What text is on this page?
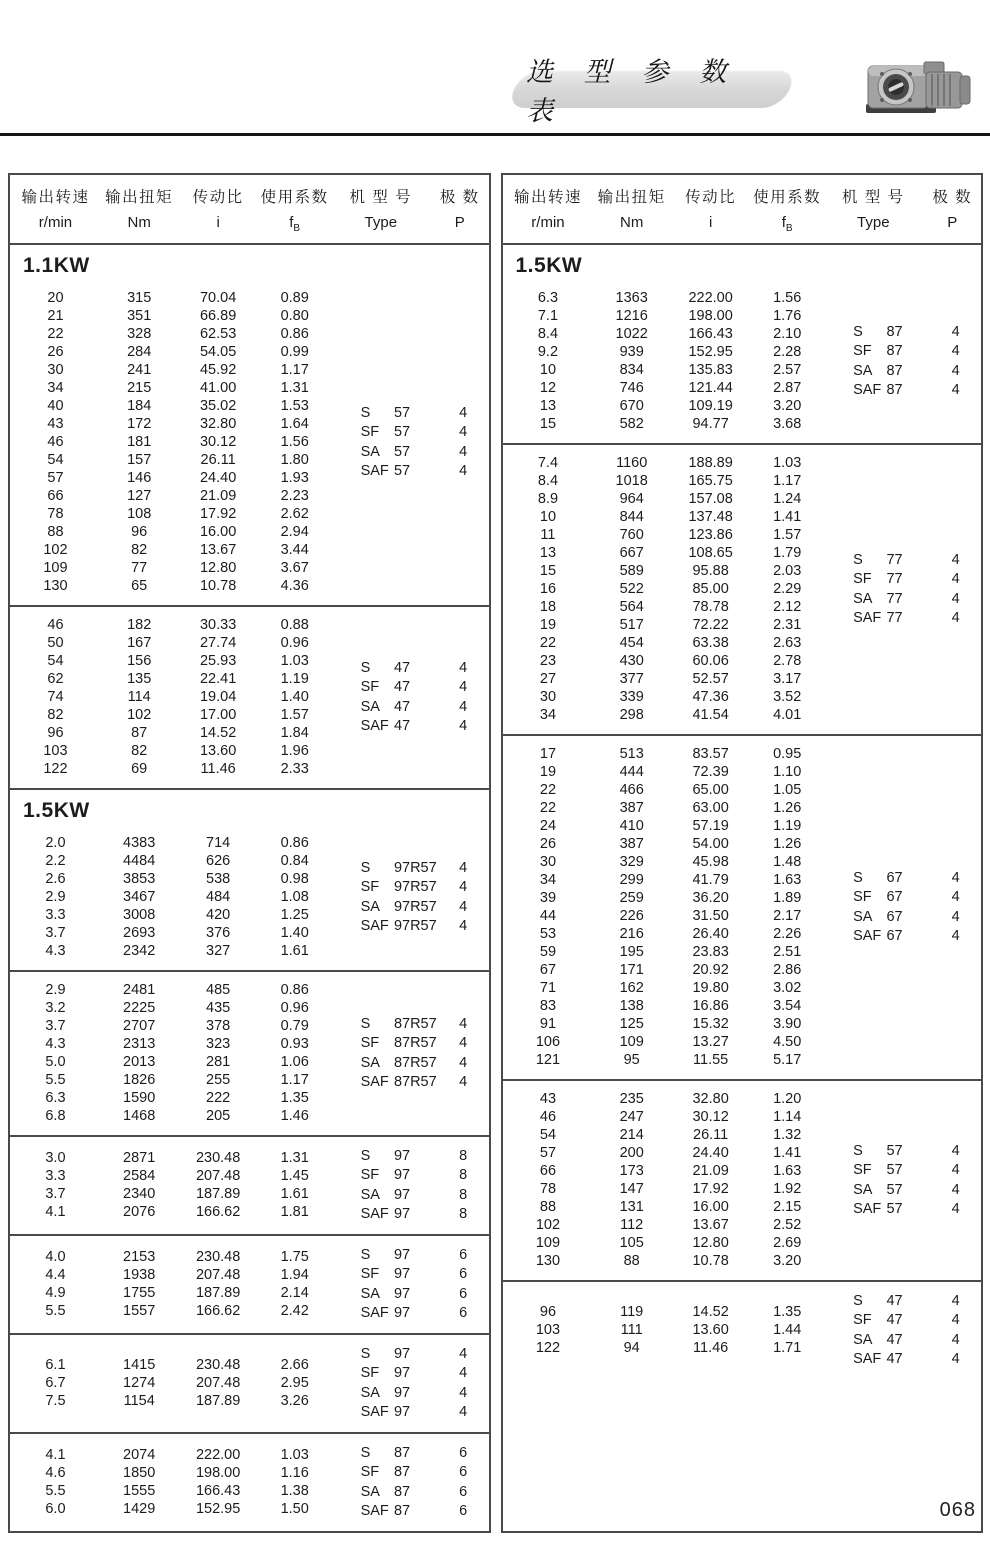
选 型 参 数 表
输出转速
r/min
输出扭矩
Nm
传动比
i
使用系数
$f_B$
机 型 号
Type
极 数
P
1.1KW
20	315	70.04	0.89
21	351	66.89	0.80
22	328	62.53	0.86
26	284	54.05	0.99
30	241	45.92	1.17
34	215	41.00	1.31
40	184	35.02	1.53
43	172	32.80	1.64
46	181	30.12	1.56
54	157	26.11	1.80
57	146	24.40	1.93
66	127	21.09	2.23
78	108	17.92	2.62
88	96	16.00	2.94
102	82	13.67	3.44
109	77	12.80	3.67
130	65	10.78	4.36
S 57	4
SF 57	4
SA 57	4
SAF 57	4
46	182	30.33	0.88
50	167	27.74	0.96
54	156	25.93	1.03
62	135	22.41	1.19
74	114	19.04	1.40
82	102	17.00	1.57
96	87	14.52	1.84
103	82	13.60	1.96
122	69	11.46	2.33
S 47	4
SF 47	4
SA 47	4
SAF 47	4
1.5KW
2.0	4383	714	0.86
2.2	4484	626	0.84
2.6	3853	538	0.98
2.9	3467	484	1.08
3.3	3008	420	1.25
3.7	2693	376	1.40
4.3	2342	327	1.61
S 97R57	4
SF 97R57	4
SA 97R57	4
SAF 97R57	4
2.9	2481	485	0.86
3.2	2225	435	0.96
3.7	2707	378	0.79
4.3	2313	323	0.93
5.0	2013	281	1.06
5.5	1826	255	1.17
6.3	1590	222	1.35
6.8	1468	205	1.46
S 87R57	4
SF 87R57	4
SA 87R57	4
SAF 87R57	4
3.0	2871	230.48	1.31
3.3	2584	207.48	1.45
3.7	2340	187.89	1.61
4.1	2076	166.62	1.81
S 97	8
SF 97	8
SA 97	8
SAF 97	8
4.0	2153	230.48	1.75
4.4	1938	207.48	1.94
4.9	1755	187.89	2.14
5.5	1557	166.62	2.42
S 97	6
SF 97	6
SA 97	6
SAF 97	6
6.1	1415	230.48	2.66
6.7	1274	207.48	2.95
7.5	1154	187.89	3.26
S 97	4
SF 97	4
SA 97	4
SAF 97	4
4.1	2074	222.00	1.03
4.6	1850	198.00	1.16
5.5	1555	166.43	1.38
6.0	1429	152.95	1.50
S 87	6
SF 87	6
SA 87	6
SAF 87	6
输出转速
r/min
输出扭矩
Nm
传动比
i
使用系数
$f_B$
机 型 号
Type
极 数
P
1.5KW
6.3	1363	222.00	1.56
7.1	1216	198.00	1.76
8.4	1022	166.43	2.10
9.2	939	152.95	2.28
10	834	135.83	2.57
12	746	121.44	2.87
13	670	109.19	3.20
15	582	94.77	3.68
S 87	4
SF 87	4
SA 87	4
SAF 87	4
7.4	1160	188.89	1.03
8.4	1018	165.75	1.17
8.9	964	157.08	1.24
10	844	137.48	1.41
11	760	123.86	1.57
13	667	108.65	1.79
15	589	95.88	2.03
16	522	85.00	2.29
18	564	78.78	2.12
19	517	72.22	2.31
22	454	63.38	2.63
23	430	60.06	2.78
27	377	52.57	3.17
30	339	47.36	3.52
34	298	41.54	4.01
S 77	4
SF 77	4
SA 77	4
SAF 77	4
17	513	83.57	0.95
19	444	72.39	1.10
22	466	65.00	1.05
22	387	63.00	1.26
24	410	57.19	1.19
26	387	54.00	1.26
30	329	45.98	1.48
34	299	41.79	1.63
39	259	36.20	1.89
44	226	31.50	2.17
53	216	26.40	2.26
59	195	23.83	2.51
67	171	20.92	2.86
71	162	19.80	3.02
83	138	16.86	3.54
91	125	15.32	3.90
106	109	13.27	4.50
121	95	11.55	5.17
S 67	4
SF 67	4
SA 67	4
SAF 67	4
43	235	32.80	1.20
46	247	30.12	1.14
54	214	26.11	1.32
57	200	24.40	1.41
66	173	21.09	1.63
78	147	17.92	1.92
88	131	16.00	2.15
102	112	13.67	2.52
109	105	12.80	2.69
130	88	10.78	3.20
S 57	4
SF 57	4
SA 57	4
SAF 57	4
96	119	14.52	1.35
103	111	13.60	1.44
122	94	11.46	1.71
S 47	4
SF 47	4
SA 47	4
SAF 47	4
068
